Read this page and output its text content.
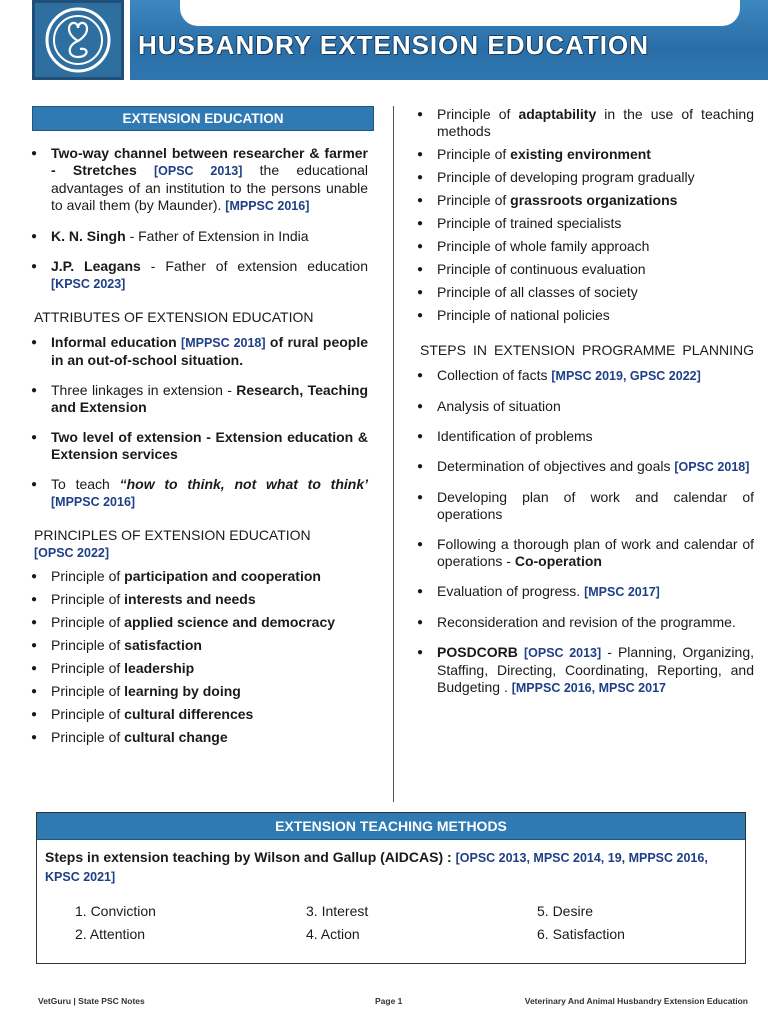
HUSBANDRY EXTENSION EDUCATION
EXTENSION EDUCATION
● Two-way channel between researcher & farmer - Stretches [OPSC 2013] the educational advantages of an institution to the persons unable to avail them (by Maunder). [MPPSC 2016]
● K. N. Singh - Father of Extension in India
● J.P. Leagans - Father of extension education [KPSC 2023]
ATTRIBUTES OF EXTENSION EDUCATION
● Informal education [MPPSC 2018] of rural people in an out-of-school situation.
● Three linkages in extension - Research, Teaching and Extension
● Two level of extension - Extension education & Extension services
● To teach “how to think, not what to think’ [MPPSC 2016]
PRINCIPLES OF EXTENSION EDUCATION
[OPSC 2022]
● Principle of participation and cooperation
● Principle of interests and needs
● Principle of applied science and democracy
● Principle of satisfaction
● Principle of leadership
● Principle of learning by doing
● Principle of cultural differences
● Principle of cultural change
● Principle of adaptability in the use of teaching methods
● Principle of existing environment
● Principle of developing program gradually
● Principle of grassroots organizations
● Principle of trained specialists
● Principle of whole family approach
● Principle of continuous evaluation
● Principle of all classes of society
● Principle of national policies
STEPS IN EXTENSION PROGRAMME PLANNING
● Collection of facts [MPSC 2019, GPSC 2022]
● Analysis of situation
● Identification of problems
● Determination of objectives and goals [OPSC 2018]
● Developing plan of work and calendar of operations
● Following a thorough plan of work and calendar of operations - Co-operation
● Evaluation of progress. [MPSC 2017]
● Reconsideration and revision of the programme.
● POSDCORB [OPSC 2013] - Planning, Organizing, Staffing, Directing, Coordinating, Reporting, and Budgeting . [MPPSC 2016, MPSC 2017
EXTENSION TEACHING METHODS
Steps in extension teaching by Wilson and Gallup (AIDCAS) : [OPSC 2013, MPSC 2014, 19, MPPSC 2016, KPSC 2021]
1. Conviction
2. Attention
3. Interest
4. Action
5. Desire
6. Satisfaction
VetGuru | State PSC Notes	Page 1	Veterinary And Animal Husbandry Extension Education
